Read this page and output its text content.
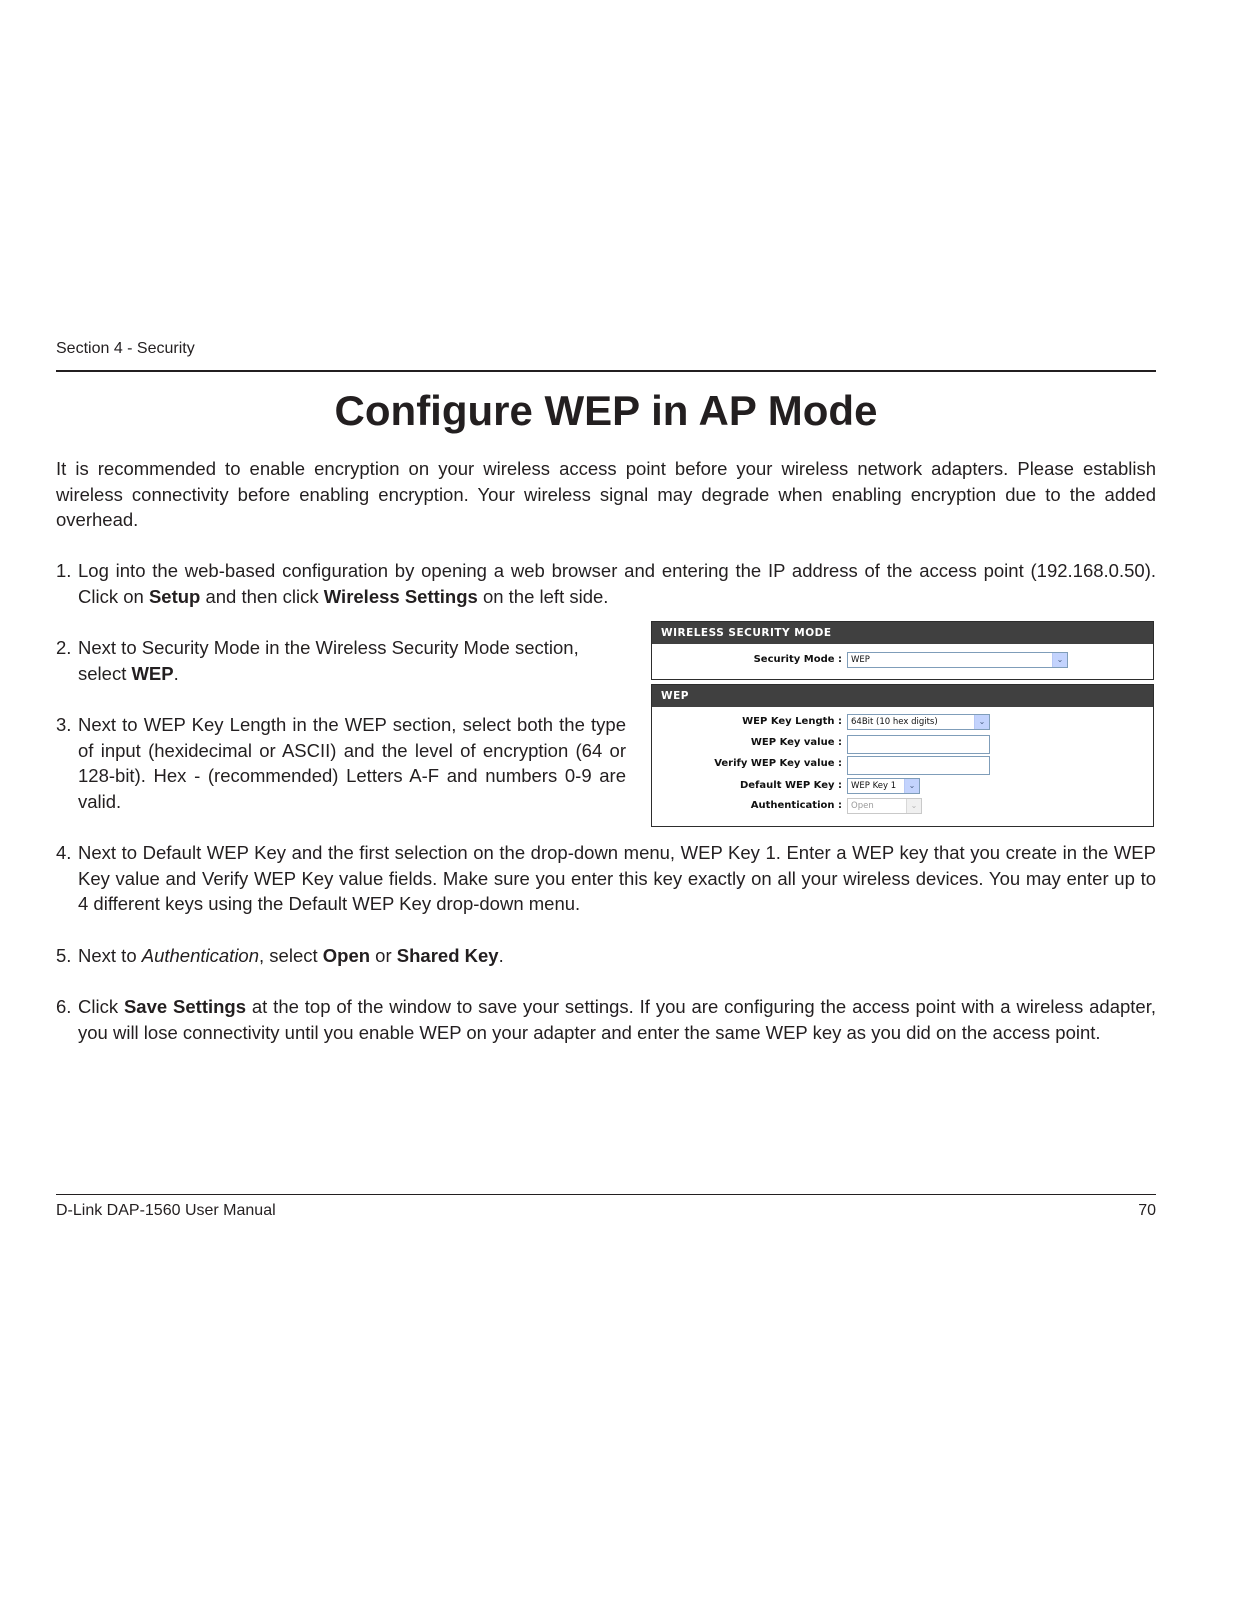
Section 4 - Security
Configure WEP in AP Mode

It is recommended to enable encryption on your wireless access point before your wireless network adapters. Please establish wireless connectivity before enabling encryption. Your wireless signal may degrade when enabling encryption due to the added overhead.

1. Log into the web-based configuration by opening a web browser and entering the IP address of the access point (192.168.0.50). Click on Setup and then click Wireless Settings on the left side.
2. Next to Security Mode in the Wireless Security Mode section, select WEP.
3. Next to WEP Key Length in the WEP section, select both the type of input (hexidecimal or ASCII) and the level of encryption (64 or 128-bit). Hex - (recommended) Letters A-F and numbers 0-9 are valid.
WIRELESS SECURITY MODE
Security Mode :	WEP	⌄
WEP
WEP Key Length :	64Bit (10 hex digits)	⌄
WEP Key value :
Verify WEP Key value :
Default WEP Key :	WEP Key 1	⌄
Authentication :	Open	⌄
4. Next to Default WEP Key and the first selection on the drop-down menu, WEP Key 1. Enter a WEP key that you create in the WEP Key value and Verify WEP Key value fields. Make sure you enter this key exactly on all your wireless devices. You may enter up to 4 different keys using the Default WEP Key drop-down menu.
5. Next to Authentication, select Open or Shared Key.
6. Click Save Settings at the top of the window to save your settings. If you are configuring the access point with a wireless adapter, you will lose connectivity until you enable WEP on your adapter and enter the same WEP key as you did on the access point.
D-Link DAP-1560 User Manual	70
